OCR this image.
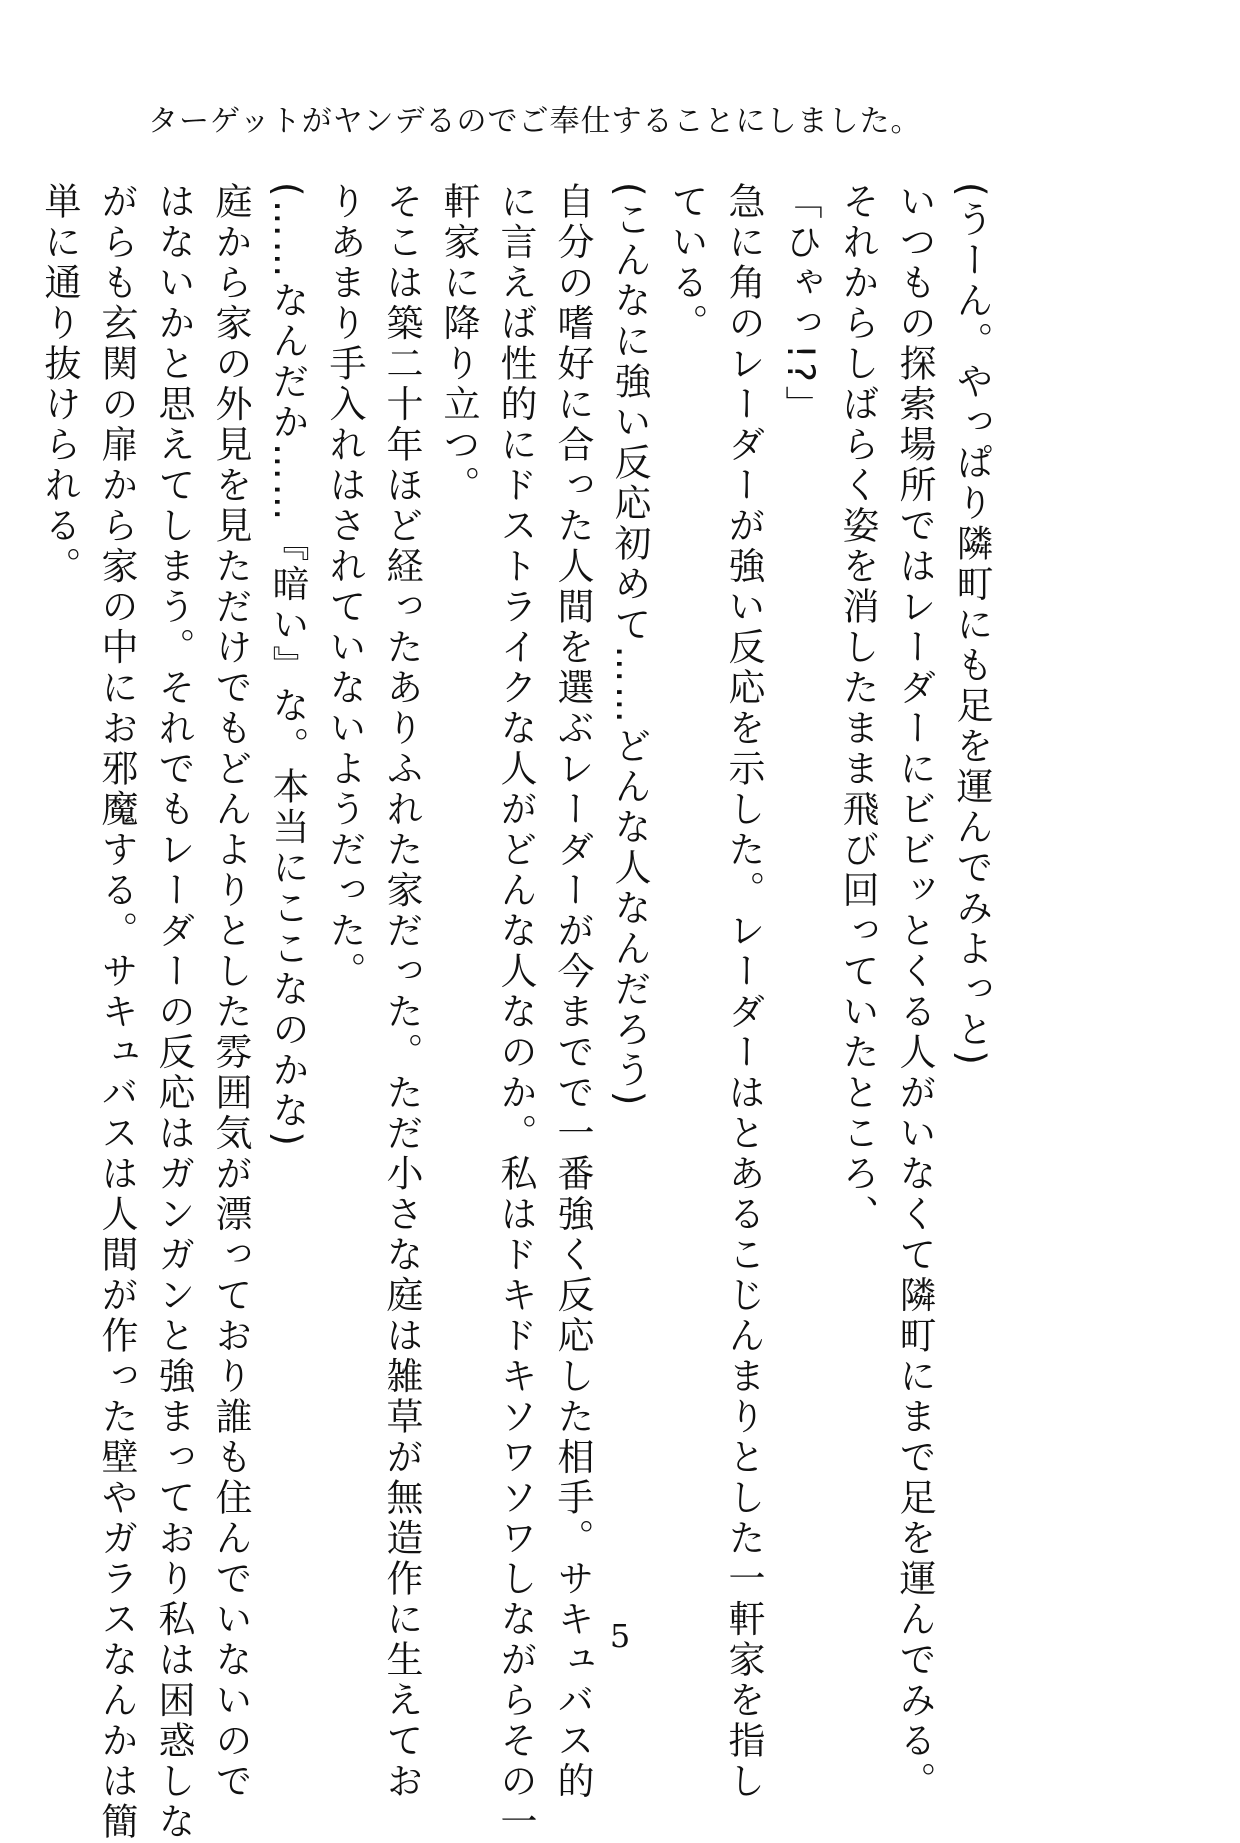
ターゲットがヤンデるのでご奉仕することにしました。

(うーん。やっぱり隣町にも足を運んでみよっと)

いつもの探索場所ではレーダーにビビッとくる人がいなくて隣町にまで足を運んでみる。

それからしばらく姿を消したまま飛び回っていたところ、

「ひゃっ!?」

急に角のレーダーが強い反応を示した。レーダーはとあるこじんまりとした一軒家を指し

ている。

(こんなに強い反応初めて……どんな人なんだろう)

自分の嗜好に合った人間を選ぶレーダーが今までで一番強く反応した相手。サキュバス的

に言えば性的にドストライクな人がどんな人なのか。私はドキドキソワソワしながらその一

軒家に降り立つ。

そこは築二十年ほど経ったありふれた家だった。ただ小さな庭は雑草が無造作に生えてお

りあまり手入れはされていないようだった。

(……なんだか……『暗い』な。本当にここなのかな)

庭から家の外見を見ただけでもどんよりとした雰囲気が漂っており誰も住んでいないので

はないかと思えてしまう。それでもレーダーの反応はガンガンと強まっており私は困惑しな

がらも玄関の扉から家の中にお邪魔する。サキュバスは人間が作った壁やガラスなんかは簡

単に通り抜けられる。

5
